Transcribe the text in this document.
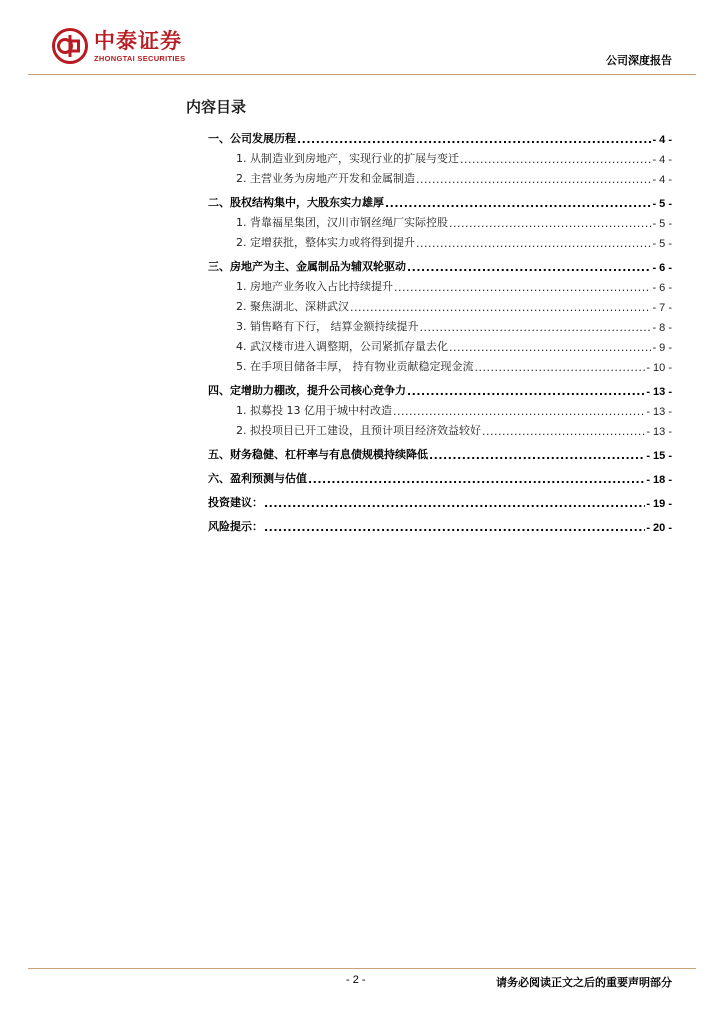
中泰证券
ZHONGTAI SECURITIES	公司深度报告
内容目录
一、公司发展历程 .....	- 4 -
1. 从制造业到房地产，实现行业的扩展与变迁 .....	- 4 -
2. 主营业务为房地产开发和金属制造 .....	- 4 -
二、股权结构集中，大股东实力雄厚 .....	- 5 -
1. 背靠福星集团，汉川市钢丝绳厂实际控股 .....	- 5 -
2. 定增获批，整体实力或将得到提升 .....	- 5 -
三、房地产为主、金属制品为辅双轮驱动 .....	- 6 -
1. 房地产业务收入占比持续提升 .....	- 6 -
2. 聚焦湖北、深耕武汉 .....	- 7 -
3. 销售略有下行， 结算金额持续提升 .....	- 8 -
4. 武汉楼市进入调整期，公司紧抓存量去化 .....	- 9 -
5. 在手项目储备丰厚， 持有物业贡献稳定现金流 .....	- 10 -
四、定增助力棚改，提升公司核心竞争力 .....	- 13 -
1. 拟募投 13 亿用于城中村改造 .....	- 13 -
2. 拟投项目已开工建设，且预计项目经济效益较好 .....	- 13 -
五、财务稳健、杠杆率与有息债规模持续降低 .....	- 15 -
六、盈利预测与估值 .....	- 18 -
投资建议： .....	- 19 -
风险提示： .....	- 20 -
- 2 -	请务必阅读正文之后的重要声明部分
